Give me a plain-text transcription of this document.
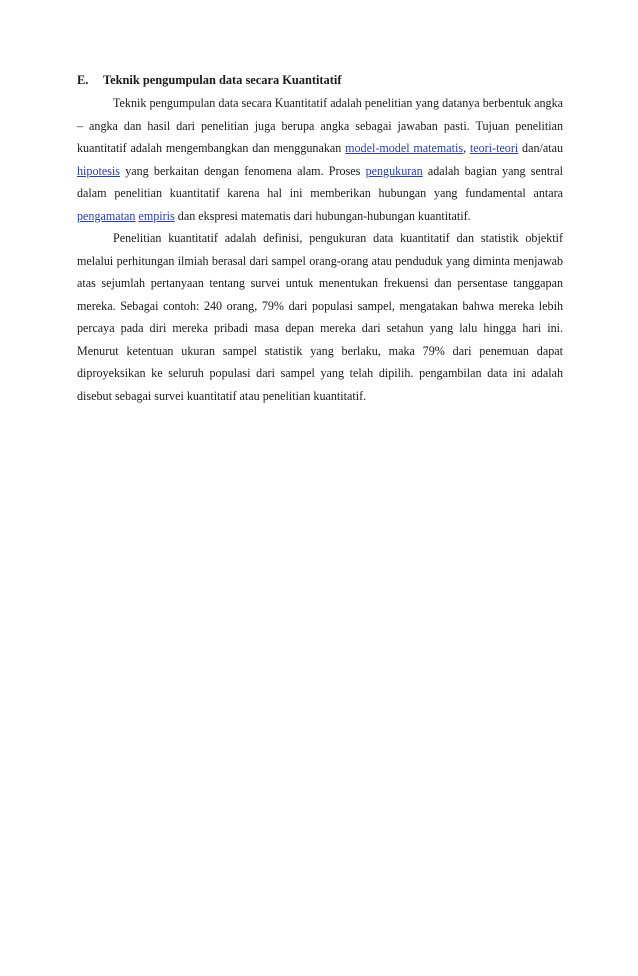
E. Teknik pengumpulan data secara Kuantitatif

Teknik pengumpulan data secara Kuantitatif adalah penelitian yang datanya berbentuk angka – angka dan hasil dari penelitian juga berupa angka sebagai jawaban pasti. Tujuan penelitian kuantitatif adalah mengembangkan dan menggunakan model-model matematis, teori-teori dan/atau hipotesis yang berkaitan dengan fenomena alam. Proses pengukuran adalah bagian yang sentral dalam penelitian kuantitatif karena hal ini memberikan hubungan yang fundamental antara pengamatan empiris dan ekspresi matematis dari hubungan-hubungan kuantitatif.

Penelitian kuantitatif adalah definisi, pengukuran data kuantitatif dan statistik objektif melalui perhitungan ilmiah berasal dari sampel orang-orang atau penduduk yang diminta menjawab atas sejumlah pertanyaan tentang survei untuk menentukan frekuensi dan persentase tanggapan mereka. Sebagai contoh: 240 orang, 79% dari populasi sampel, mengatakan bahwa mereka lebih percaya pada diri mereka pribadi masa depan mereka dari setahun yang lalu hingga hari ini. Menurut ketentuan ukuran sampel statistik yang berlaku, maka 79% dari penemuan dapat diproyeksikan ke seluruh populasi dari sampel yang telah dipilih. pengambilan data ini adalah disebut sebagai survei kuantitatif atau penelitian kuantitatif.
